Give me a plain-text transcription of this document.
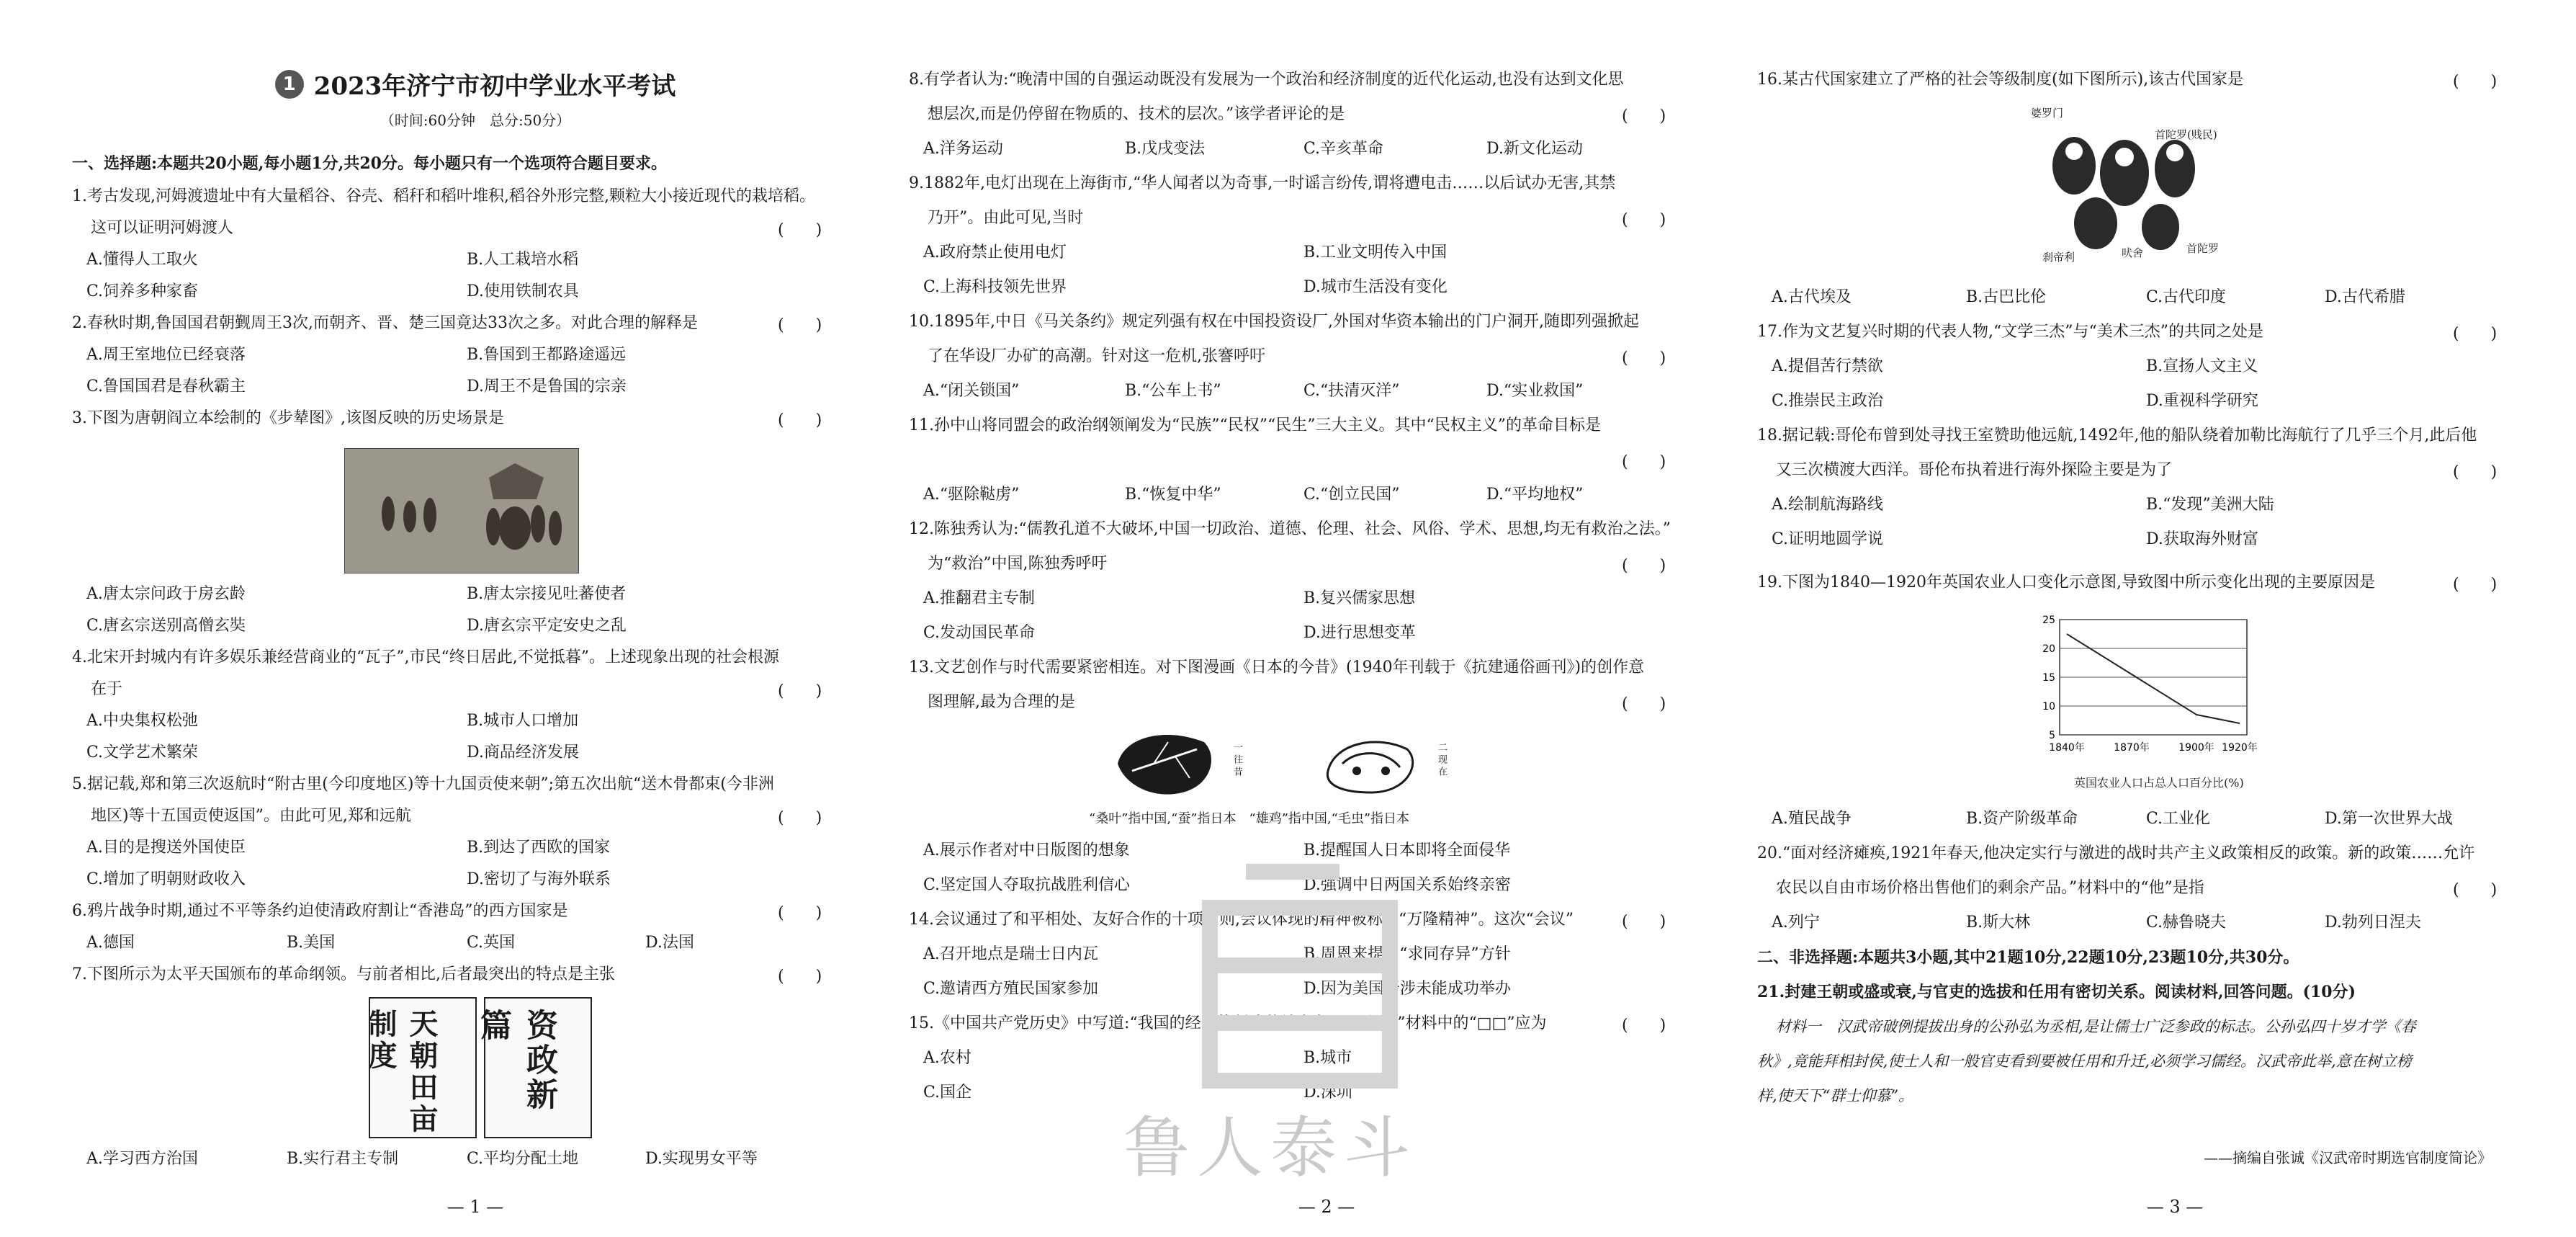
1 2023年济宁市初中学业水平考试
（时间:60分钟　总分:50分）
一、选择题:本题共20小题,每小题1分,共20分。每小题只有一个选项符合题目要求。
1.考古发现,河姆渡遗址中有大量稻谷、谷壳、稻秆和稻叶堆积,稻谷外形完整,颗粒大小接近现代的栽培稻。
这可以证明河姆渡人	(　　)
A.懂得人工取火	B.人工栽培水稻
C.饲养多种家畜	D.使用铁制农具
2.春秋时期,鲁国国君朝觐周王3次,而朝齐、晋、楚三国竟达33次之多。对此合理的解释是	(　　)
A.周王室地位已经衰落	B.鲁国到王都路途遥远
C.鲁国国君是春秋霸主	D.周王不是鲁国的宗亲
3.下图为唐朝阎立本绘制的《步辇图》,该图反映的历史场景是	(　　)
A.唐太宗问政于房玄龄	B.唐太宗接见吐蕃使者
C.唐玄宗送别高僧玄奘	D.唐玄宗平定安史之乱
4.北宋开封城内有许多娱乐兼经营商业的“瓦子”,市民“终日居此,不觉抵暮”。上述现象出现的社会根源
在于	(　　)
A.中央集权松弛	B.城市人口增加
C.文学艺术繁荣	D.商品经济发展
5.据记载,郑和第三次返航时“附古里(今印度地区)等十九国贡使来朝”;第五次出航“送木骨都束(今非洲
地区)等十五国贡使返国”。由此可见,郑和远航	(　　)
A.目的是搜送外国使臣	B.到达了西欧的国家
C.增加了明朝财政收入	D.密切了与海外联系
6.鸦片战争时期,通过不平等条约迫使清政府割让“香港岛”的西方国家是	(　　)
A.德国	B.美国	C.英国	D.法国
7.下图所示为太平天国颁布的革命纲领。与前者相比,后者最突出的特点是主张	(　　)
天朝田亩制度	资政新篇
A.学习西方治国	B.实行君主专制	C.平均分配土地	D.实现男女平等
— 1 —
8.有学者认为:“晚清中国的自强运动既没有发展为一个政治和经济制度的近代化运动,也没有达到文化思
想层次,而是仍停留在物质的、技术的层次。”该学者评论的是	(　　)
A.洋务运动	B.戊戌变法	C.辛亥革命	D.新文化运动
9.1882年,电灯出现在上海街市,“华人闻者以为奇事,一时谣言纷传,谓将遭电击……以后试办无害,其禁
乃开”。由此可见,当时	(　　)
A.政府禁止使用电灯	B.工业文明传入中国
C.上海科技领先世界	D.城市生活没有变化
10.1895年,中日《马关条约》规定列强有权在中国投资设厂,外国对华资本输出的门户洞开,随即列强掀起
了在华设厂办矿的高潮。针对这一危机,张謇呼吁	(　　)
A.“闭关锁国”	B.“公车上书”	C.“扶清灭洋”	D.“实业救国”
11.孙中山将同盟会的政治纲领阐发为“民族”“民权”“民生”三大主义。其中“民权主义”的革命目标是
(　　)
A.“驱除鞑虏”	B.“恢复中华”	C.“创立民国”	D.“平均地权”
12.陈独秀认为:“儒教孔道不大破坏,中国一切政治、道德、伦理、社会、风俗、学术、思想,均无有救治之法。”
为“救治”中国,陈独秀呼吁	(　　)
A.推翻君主专制	B.复兴儒家思想
C.发动国民革命	D.进行思想变革
13.文艺创作与时代需要紧密相连。对下图漫画《日本的今昔》(1940年刊载于《抗建通俗画刊》)的创作意
图理解,最为合理的是	(　　)
一 往 昔	二 现 在
“桑叶”指中国,“蚕”指日本　“雄鸡”指中国,“毛虫”指日本
A.展示作者对中日版图的想象	B.提醒国人日本即将全面侵华
C.坚定国人夺取抗战胜利信心	D.强调中日两国关系始终亲密
14.会议通过了和平相处、友好合作的十项原则,会议体现的精神被称为“万隆精神”。这次“会议”	(　　)
A.召开地点是瑞士日内瓦	B.周恩来提出“求同存异”方针
C.邀请西方殖民国家参加	D.因为美国干涉未能成功举办
15.《中国共产党历史》中写道:“我国的经济体制改革首先在□□展开。”材料中的“□□”应为	(　　)
A.农村	B.城市
C.国企	D.深圳
— 2 —
鲁人泰斗
16.某古代国家建立了严格的社会等级制度(如下图所示),该古代国家是	(　　)
婆罗门
首陀罗(贱民)
刹帝利	吠舍	首陀罗
A.古代埃及	B.古巴比伦	C.古代印度	D.古代希腊
17.作为文艺复兴时期的代表人物,“文学三杰”与“美术三杰”的共同之处是	(　　)
A.提倡苦行禁欲	B.宣扬人文主义
C.推崇民主政治	D.重视科学研究
18.据记载:哥伦布曾到处寻找王室赞助他远航,1492年,他的船队绕着加勒比海航行了几乎三个月,此后他
又三次横渡大西洋。哥伦布执着进行海外探险主要是为了	(　　)
A.绘制航海路线	B.“发现”美洲大陆
C.证明地圆学说	D.获取海外财富
19.下图为1840—1920年英国农业人口变化示意图,导致图中所示变化出现的主要原因是	(　　)
25
20
15
10
5
1840年	1870年	1900年 1920年
英国农业人口占总人口百分比(%)
A.殖民战争	B.资产阶级革命	C.工业化	D.第一次世界大战
20.“面对经济瘫痪,1921年春天,他决定实行与激进的战时共产主义政策相反的政策。新的政策……允许
农民以自由市场价格出售他们的剩余产品。”材料中的“他”是指	(　　)
A.列宁	B.斯大林	C.赫鲁晓夫	D.勃列日涅夫
二、非选择题:本题共3小题,其中21题10分,22题10分,23题10分,共30分。
21.封建王朝或盛或衰,与官吏的选拔和任用有密切关系。阅读材料,回答问题。(10分)
材料一　汉武帝破例提拔出身的公孙弘为丞相,是让儒士广泛参政的标志。公孙弘四十岁才学《春
秋》,竟能拜相封侯,使士人和一般官吏看到要被任用和升迁,必须学习儒经。汉武帝此举,意在树立榜
样,使天下“群士仰慕”。
——摘编自张诚《汉武帝时期选官制度简论》
— 3 —
